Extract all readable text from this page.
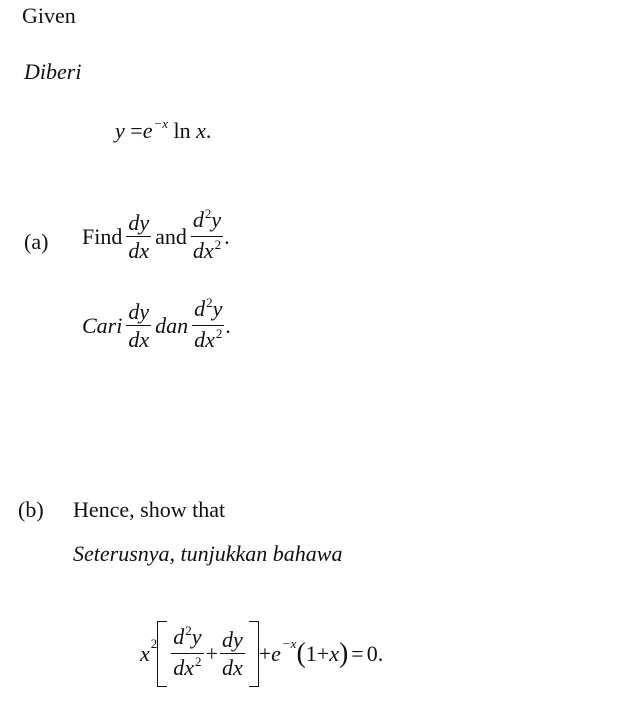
Given
Diberi
$y =e^{-x}$ ln x.
(a) Find $\frac{dy}{dx}$ and $\frac{d^2y}{dx^2}$ .
Cari $\frac{dy}{dx}$ dan $\frac{d^2y}{dx^2}$ .
(b) Hence, show that
Seterusnya, tunjukkan bahawa
$x^2 \frac{d^2y}{dx^2} + \frac{dy}{dx} + e^{-x}$ ( 1 + x ) = 0.
